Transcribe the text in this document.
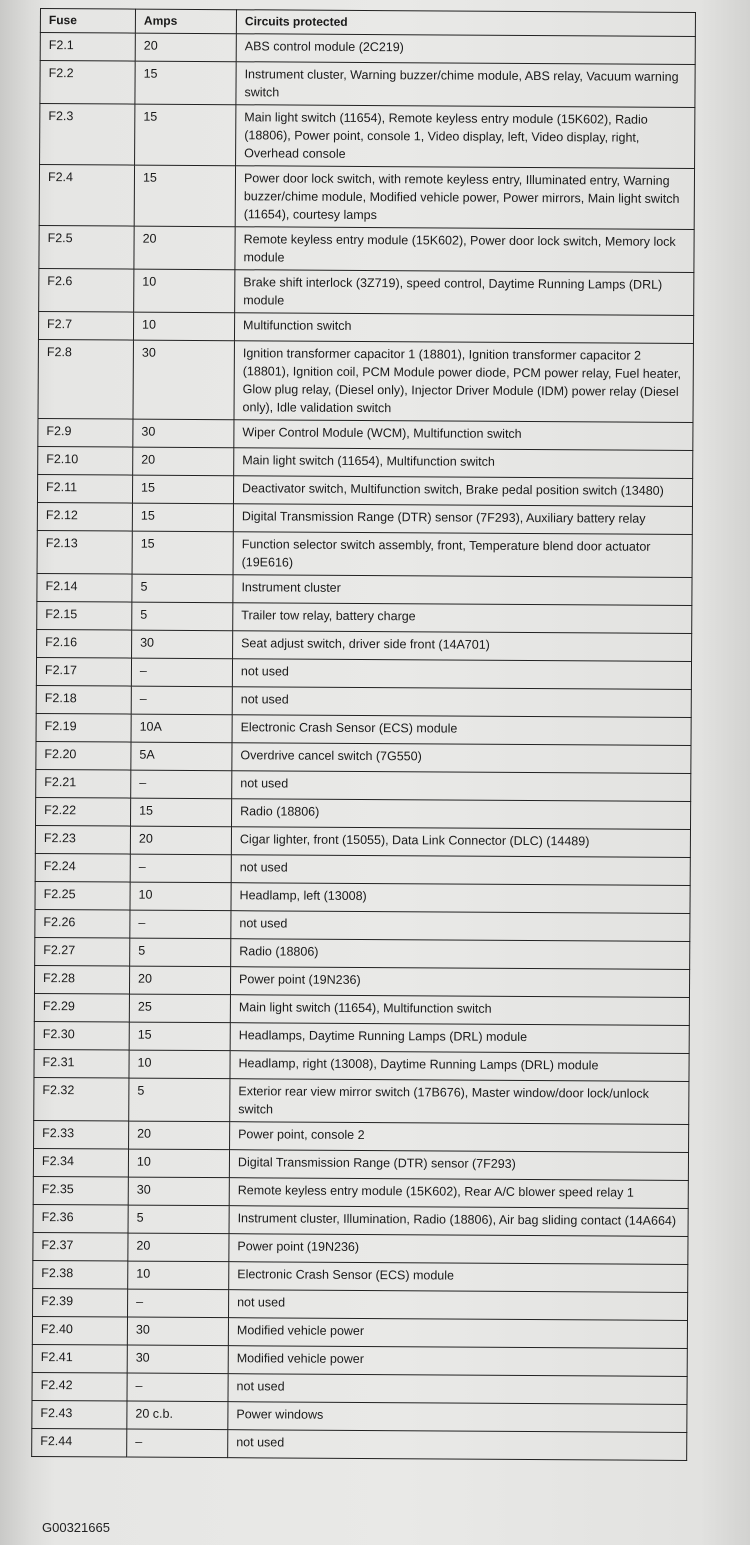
Fuse	Amps	Circuits protected
F2.1	20	ABS control module (2C219)
F2.2	15	Instrument cluster, Warning buzzer/chime module, ABS relay, Vacuum warning switch
F2.3	15	Main light switch (11654), Remote keyless entry module (15K602), Radio (18806), Power point, console 1, Video display, left, Video display, right, Overhead console
F2.4	15	Power door lock switch, with remote keyless entry, Illuminated entry, Warning buzzer/chime module, Modified vehicle power, Power mirrors, Main light switch (11654), courtesy lamps
F2.5	20	Remote keyless entry module (15K602), Power door lock switch, Memory lock module
F2.6	10	Brake shift interlock (3Z719), speed control, Daytime Running Lamps (DRL) module
F2.7	10	Multifunction switch
F2.8	30	Ignition transformer capacitor 1 (18801), Ignition transformer capacitor 2 (18801), Ignition coil, PCM Module power diode, PCM power relay, Fuel heater, Glow plug relay, (Diesel only), Injector Driver Module (IDM) power relay (Diesel only), Idle validation switch
F2.9	30	Wiper Control Module (WCM), Multifunction switch
F2.10	20	Main light switch (11654), Multifunction switch
F2.11	15	Deactivator switch, Multifunction switch, Brake pedal position switch (13480)
F2.12	15	Digital Transmission Range (DTR) sensor (7F293), Auxiliary battery relay
F2.13	15	Function selector switch assembly, front, Temperature blend door actuator (19E616)
F2.14	5	Instrument cluster
F2.15	5	Trailer tow relay, battery charge
F2.16	30	Seat adjust switch, driver side front (14A701)
F2.17	–	not used
F2.18	–	not used
F2.19	10A	Electronic Crash Sensor (ECS) module
F2.20	5A	Overdrive cancel switch (7G550)
F2.21	–	not used
F2.22	15	Radio (18806)
F2.23	20	Cigar lighter, front (15055), Data Link Connector (DLC) (14489)
F2.24	–	not used
F2.25	10	Headlamp, left (13008)
F2.26	–	not used
F2.27	5	Radio (18806)
F2.28	20	Power point (19N236)
F2.29	25	Main light switch (11654), Multifunction switch
F2.30	15	Headlamps, Daytime Running Lamps (DRL) module
F2.31	10	Headlamp, right (13008), Daytime Running Lamps (DRL) module
F2.32	5	Exterior rear view mirror switch (17B676), Master window/door lock/unlock switch
F2.33	20	Power point, console 2
F2.34	10	Digital Transmission Range (DTR) sensor (7F293)
F2.35	30	Remote keyless entry module (15K602), Rear A/C blower speed relay 1
F2.36	5	Instrument cluster, Illumination, Radio (18806), Air bag sliding contact (14A664)
F2.37	20	Power point (19N236)
F2.38	10	Electronic Crash Sensor (ECS) module
F2.39	–	not used
F2.40	30	Modified vehicle power
F2.41	30	Modified vehicle power
F2.42	–	not used
F2.43	20 c.b.	Power windows
F2.44	–	not used
G00321665
